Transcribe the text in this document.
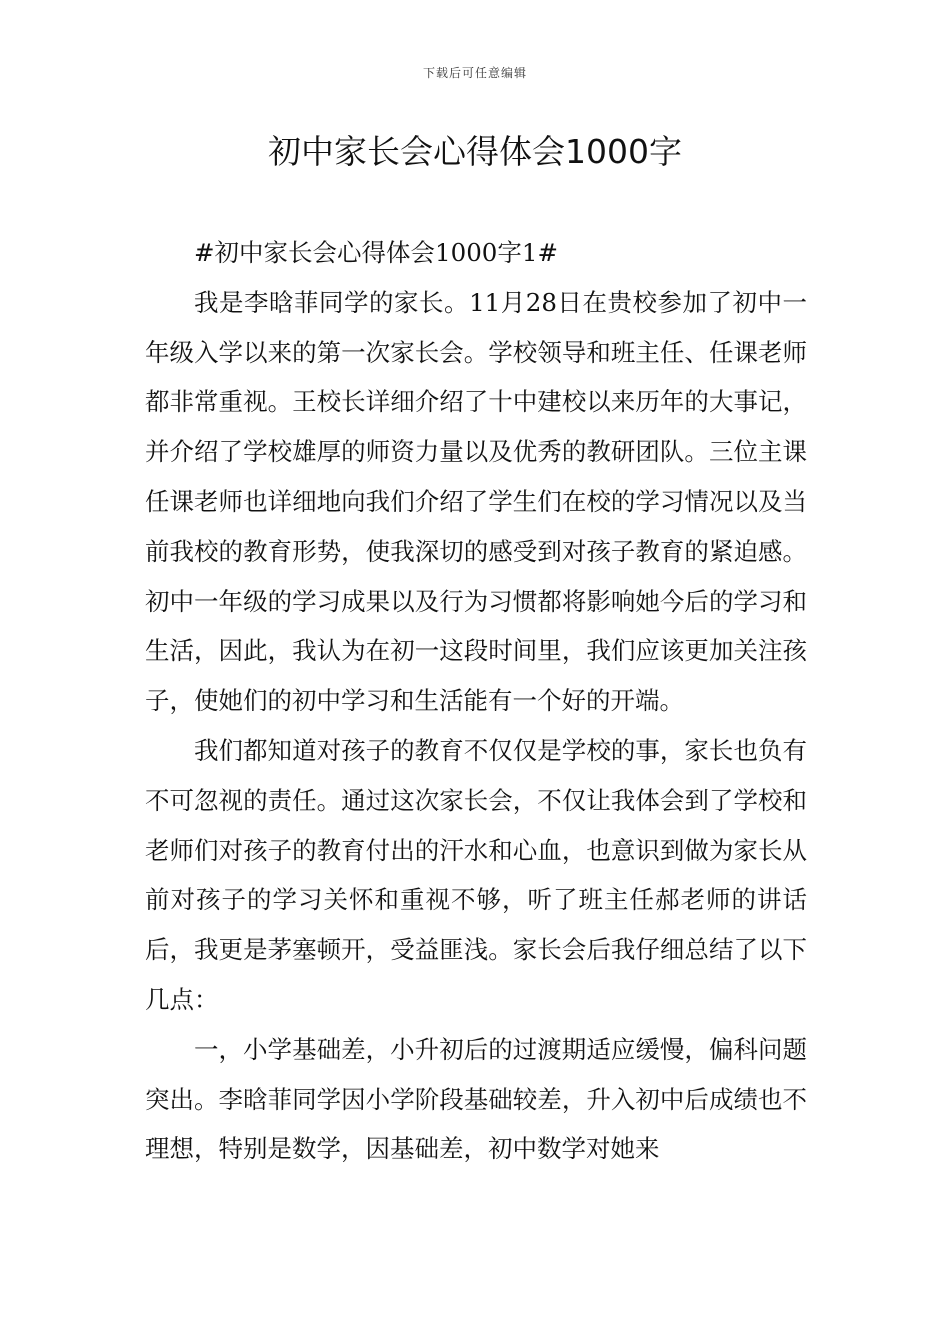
下载后可任意编辑
初中家长会心得体会1000字
#初中家长会心得体会1000字1#

我是李晗菲同学的家长。11月28日在贵校参加了初中一年级入学以来的第一次家长会。学校领导和班主任、任课老师都非常重视。王校长详细介绍了十中建校以来历年的大事记，并介绍了学校雄厚的师资力量以及优秀的教研团队。三位主课任课老师也详细地向我们介绍了学生们在校的学习情况以及当前我校的教育形势，使我深切的感受到对孩子教育的紧迫感。初中一年级的学习成果以及行为习惯都将影响她今后的学习和生活，因此，我认为在初一这段时间里，我们应该更加关注孩子，使她们的初中学习和生活能有一个好的开端。

我们都知道对孩子的教育不仅仅是学校的事，家长也负有不可忽视的责任。通过这次家长会，不仅让我体会到了学校和老师们对孩子的教育付出的汗水和心血，也意识到做为家长从前对孩子的学习关怀和重视不够，听了班主任郝老师的讲话后，我更是茅塞顿开，受益匪浅。家长会后我仔细总结了以下几点：

一，小学基础差，小升初后的过渡期适应缓慢，偏科问题突出。李晗菲同学因小学阶段基础较差，升入初中后成绩也不理想，特别是数学，因基础差，初中数学对她来
